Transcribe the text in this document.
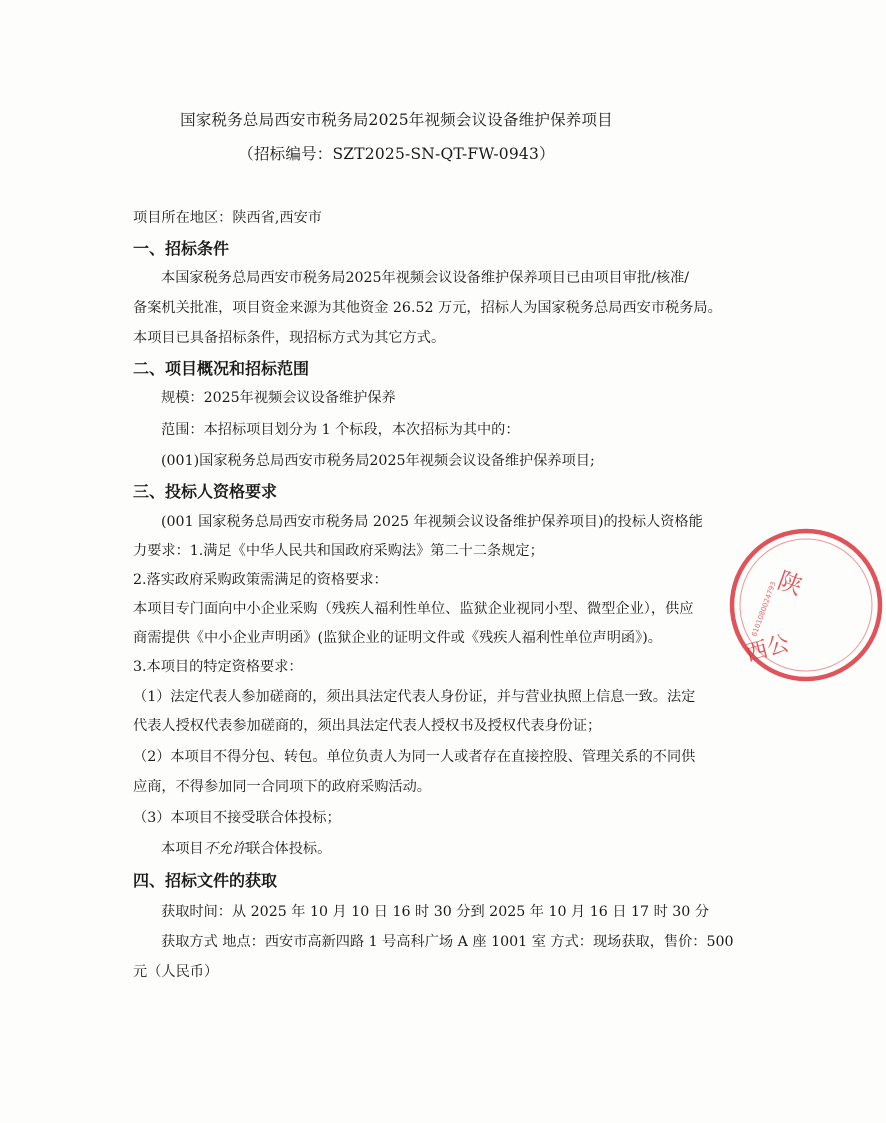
国家税务总局西安市税务局2025年视频会议设备维护保养项目
（招标编号：SZT2025-SN-QT-FW-0943）
项目所在地区：陕西省,西安市
一、招标条件
本国家税务总局西安市税务局2025年视频会议设备维护保养项目已由项目审批/核准/
备案机关批准，项目资金来源为其他资金 26.52 万元，招标人为国家税务总局西安市税务局。
本项目已具备招标条件，现招标方式为其它方式。
二、项目概况和招标范围
规模：2025年视频会议设备维护保养
范围：本招标项目划分为 1 个标段，本次招标为其中的：
(001)国家税务总局西安市税务局2025年视频会议设备维护保养项目;
三、投标人资格要求
(001 国家税务总局西安市税务局 2025 年视频会议设备维护保养项目)的投标人资格能
力要求：1.满足《中华人民共和国政府采购法》第二十二条规定；
2.落实政府采购政策需满足的资格要求：
本项目专门面向中小企业采购（残疾人福利性单位、监狱企业视同小型、微型企业），供应
商需提供《中小企业声明函》(监狱企业的证明文件或《残疾人福利性单位声明函》)。
3.本项目的特定资格要求：
（1）法定代表人参加磋商的，须出具法定代表人身份证，并与营业执照上信息一致。法定
代表人授权代表参加磋商的，须出具法定代表人授权书及授权代表身份证；
（2）本项目不得分包、转包。单位负责人为同一人或者存在直接控股、管理关系的不同供
应商，不得参加同一合同项下的政府采购活动。
（3）本项目不接受联合体投标；
本项目不允许联合体投标。
四、招标文件的获取
获取时间：从 2025 年 10 月 10 日 16 时 30 分到 2025 年 10 月 16 日 17 时 30 分
获取方式 地点：西安市高新四路 1 号高科广场 A 座 1001 室 方式：现场获取，售价：500
元（人民币）
陕
西公
6101080024793
